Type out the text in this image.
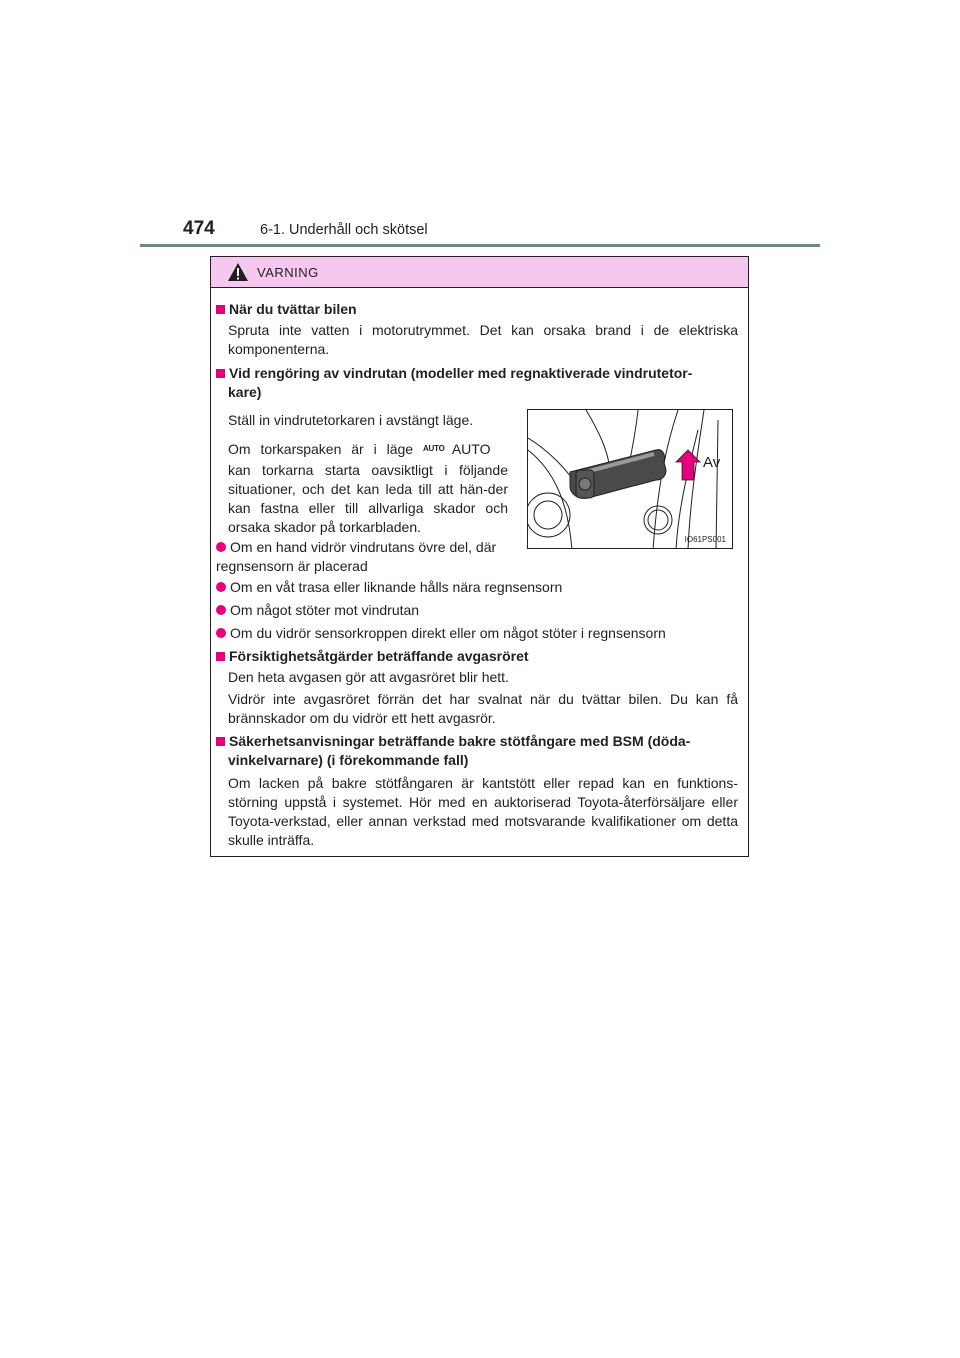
474	6-1. Underhåll och skötsel
VARNING
När du tvättar bilen
Spruta inte vatten i motorutrymmet. Det kan orsaka brand i de elektriska komponenterna.
Vid rengöring av vindrutan (modeller med regnaktiverade vindrutetor-
kare)
Ställ in vindrutetorkaren i avstängt läge.
Om torkarspaken är i läge AUTO AUTO
kan torkarna starta oavsiktligt i följande situationer, och det kan leda till att hän-der kan fastna eller till allvarliga skador och orsaka skador på torkarbladen.
Om en hand vidrör vindrutans övre del, där regnsensorn är placerad
Av
IO61PS001
Om en våt trasa eller liknande hålls nära regnsensorn
Om något stöter mot vindrutan
Om du vidrör sensorkroppen direkt eller om något stöter i regnsensorn
Försiktighetsåtgärder beträffande avgasröret
Den heta avgasen gör att avgasröret blir hett.
Vidrör inte avgasröret förrän det har svalnat när du tvättar bilen. Du kan få brännskador om du vidrör ett hett avgasrör.
Säkerhetsanvisningar beträffande bakre stötfångare med BSM (döda-
vinkelvarnare) (i förekommande fall)
Om lacken på bakre stötfångaren är kantstött eller repad kan en funktions-störning uppstå i systemet. Hör med en auktoriserad Toyota-återförsäljare eller Toyota-verkstad, eller annan verkstad med motsvarande kvalifikationer om detta skulle inträffa.
